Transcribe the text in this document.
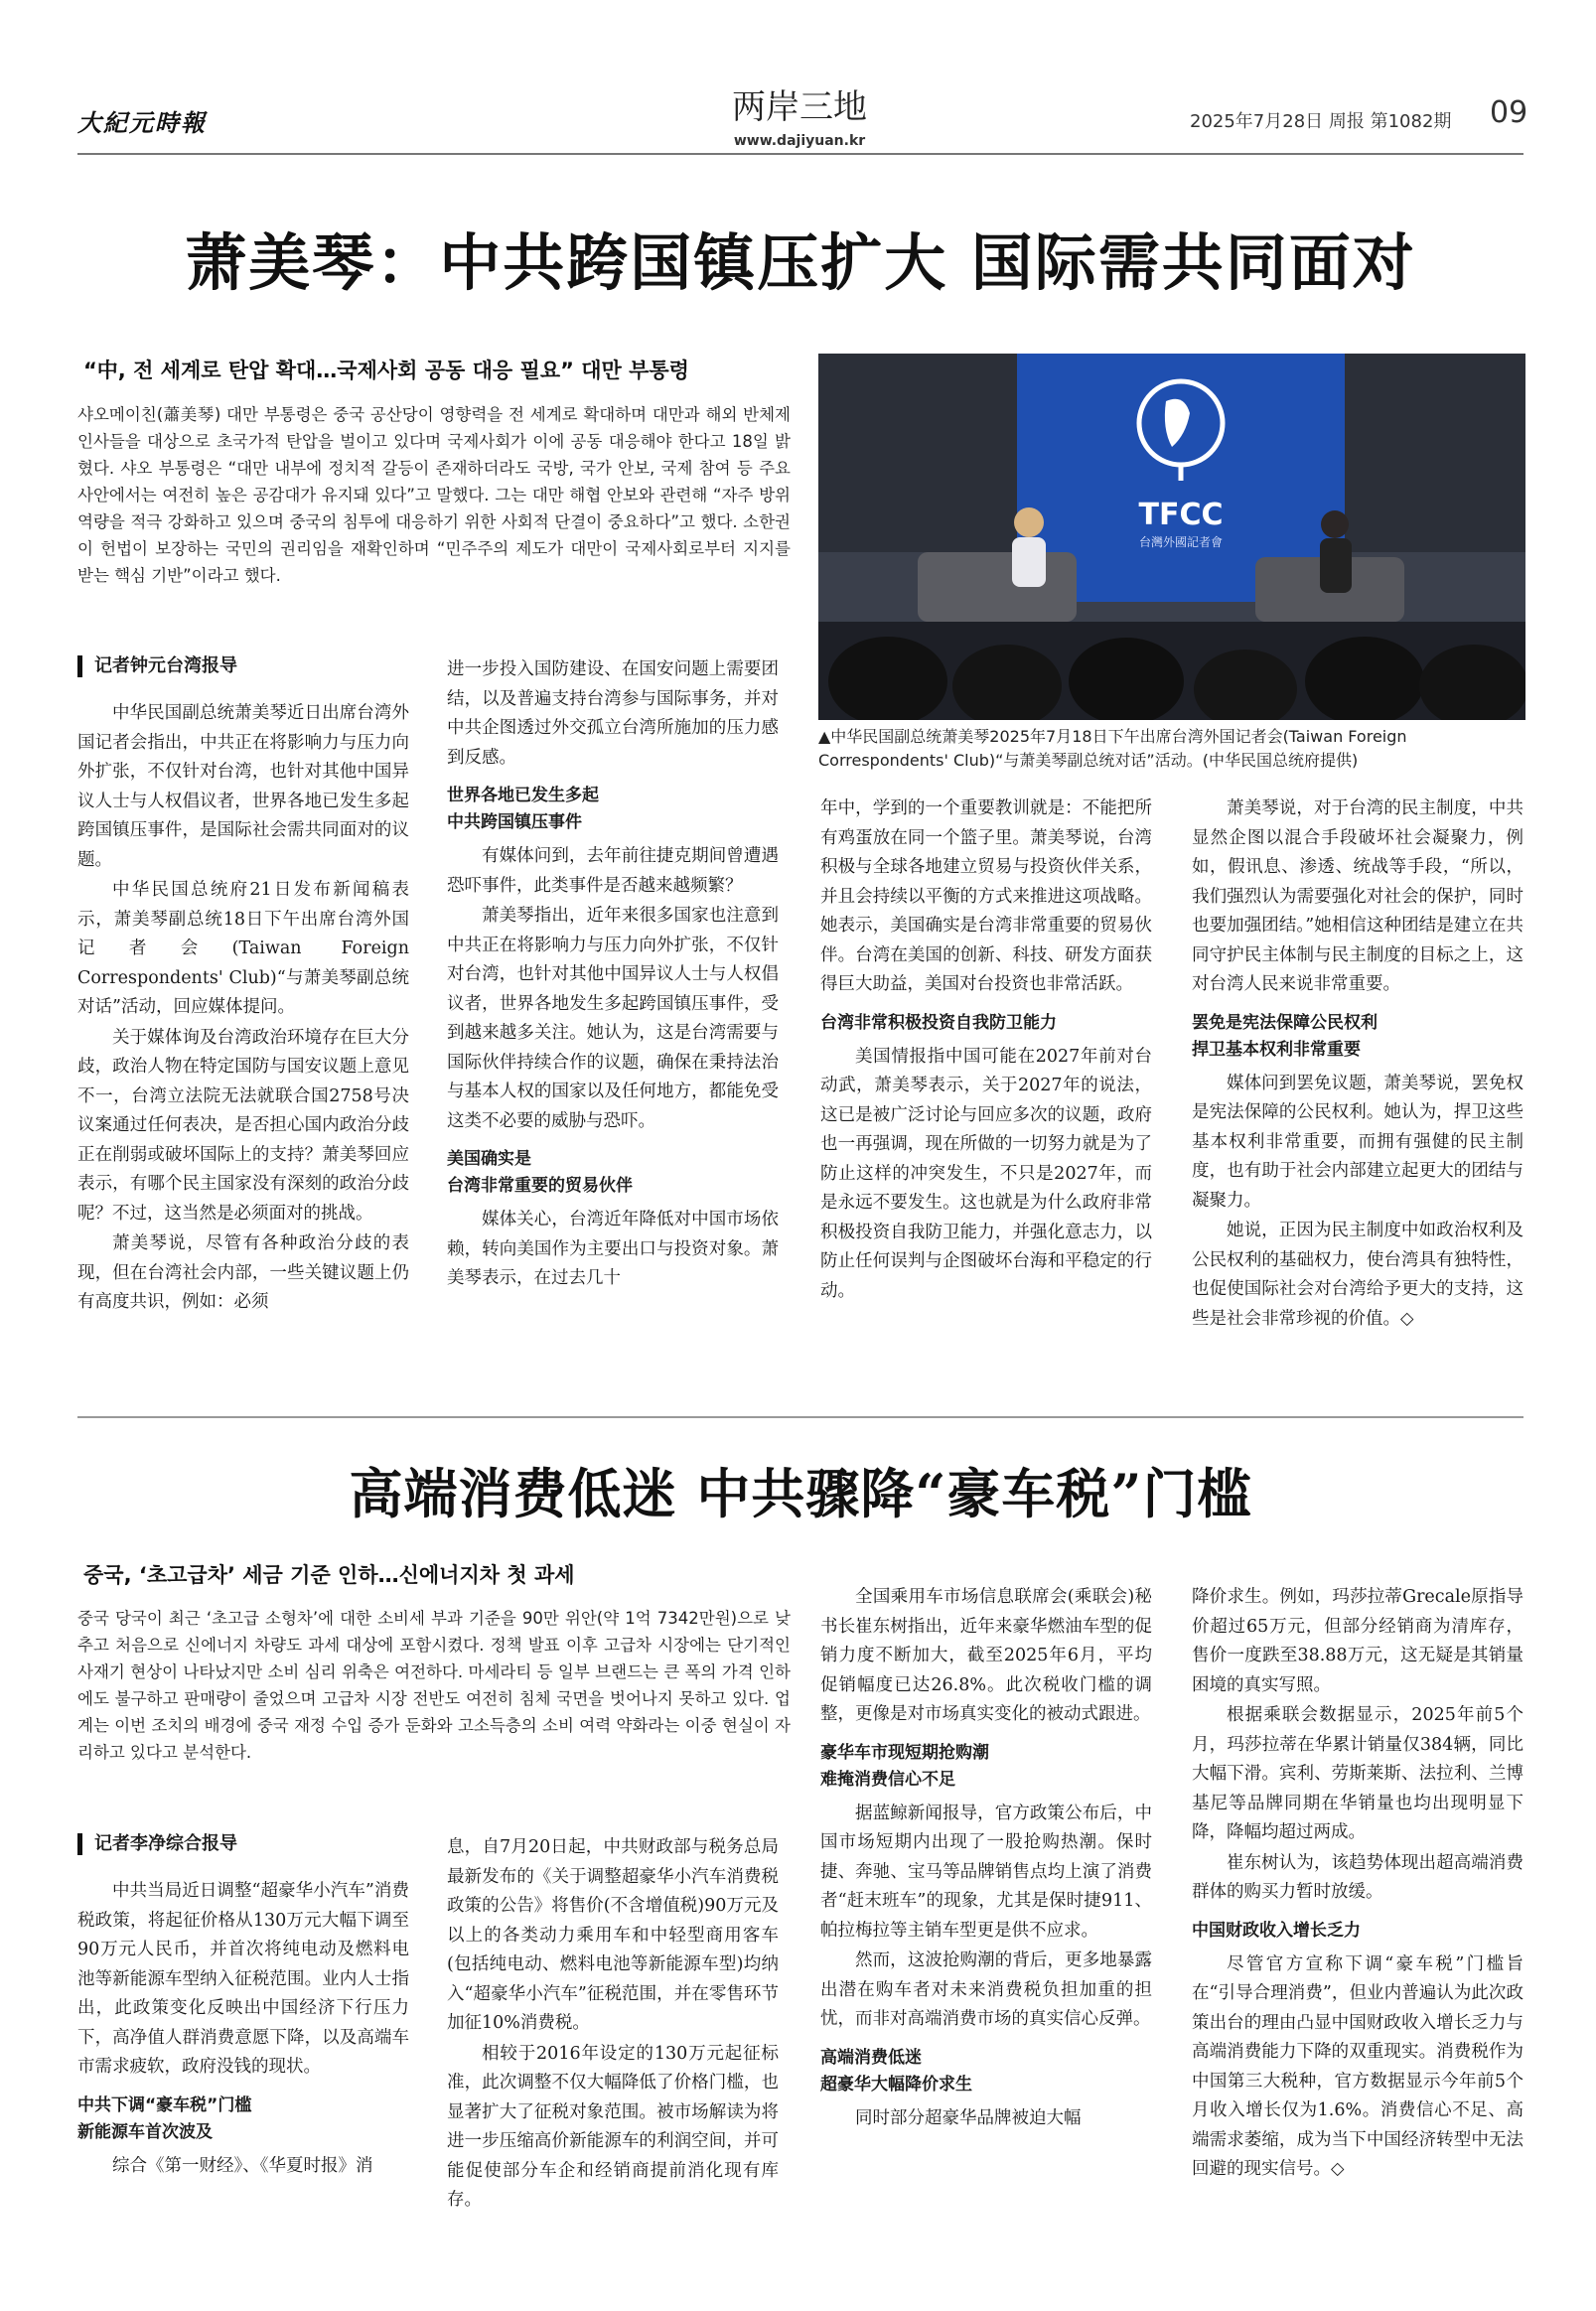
大紀元時報	两岸三地
www.dajiyuan.kr
2025年7月28日 周报 第1082期 09
萧美琴：中共跨国镇压扩大 国际需共同面对
“中, 전 세계로 탄압 확대…국제사회 공동 대응 필요” 대만 부통령
샤오메이친(蕭美琴) 대만 부통령은 중국 공산당이 영향력을 전 세계로 확대하며 대만과 해외 반체제 인사들을 대상으로 초국가적 탄압을 벌이고 있다며 국제사회가 이에 공동 대응해야 한다고 18일 밝혔다. 샤오 부통령은 “대만 내부에 정치적 갈등이 존재하더라도 국방, 국가 안보, 국제 참여 등 주요 사안에서는 여전히 높은 공감대가 유지돼 있다”고 말했다. 그는 대만 해협 안보와 관련해 “자주 방위 역량을 적극 강화하고 있으며 중국의 침투에 대응하기 위한 사회적 단결이 중요하다”고 했다. 소한권이 헌법이 보장하는 국민의 권리임을 재확인하며 “민주주의 제도가 대만이 국제사회로부터 지지를 받는 핵심 기반”이라고 했다.
TFCC
台灣外國記者會
▲中华民国副总统萧美琴2025年7月18日下午出席台湾外国记者会(Taiwan Foreign Correspondents' Club)“与萧美琴副总统对话”活动。(中华民国总统府提供)

记者钟元台湾报导

中华民国副总统萧美琴近日出席台湾外国记者会指出，中共正在将影响力与压力向外扩张，不仅针对台湾，也针对其他中国异议人士与人权倡议者，世界各地已发生多起跨国镇压事件，是国际社会需共同面对的议题。

中华民国总统府21日发布新闻稿表示，萧美琴副总统18日下午出席台湾外国记者会(Taiwan Foreign Correspondents' Club)“与萧美琴副总统对话”活动，回应媒体提问。

关于媒体询及台湾政治环境存在巨大分歧，政治人物在特定国防与国安议题上意见不一，台湾立法院无法就联合国2758号决议案通过任何表决，是否担心国内政治分歧正在削弱或破坏国际上的支持？萧美琴回应表示，有哪个民主国家没有深刻的政治分歧呢？不过，这当然是必须面对的挑战。

萧美琴说，尽管有各种政治分歧的表现，但在台湾社会内部，一些关键议题上仍有高度共识，例如：必须

进一步投入国防建设、在国安问题上需要团结，以及普遍支持台湾参与国际事务，并对中共企图透过外交孤立台湾所施加的压力感到反感。

世界各地已发生多起
中共跨国镇压事件

有媒体问到，去年前往捷克期间曾遭遇恐吓事件，此类事件是否越来越频繁？

萧美琴指出，近年来很多国家也注意到中共正在将影响力与压力向外扩张，不仅针对台湾，也针对其他中国异议人士与人权倡议者，世界各地发生多起跨国镇压事件，受到越来越多关注。她认为，这是台湾需要与国际伙伴持续合作的议题，确保在秉持法治与基本人权的国家以及任何地方，都能免受这类不必要的威胁与恐吓。

美国确实是
台湾非常重要的贸易伙伴

媒体关心，台湾近年降低对中国市场依赖，转向美国作为主要出口与投资对象。萧美琴表示，在过去几十

年中，学到的一个重要教训就是：不能把所有鸡蛋放在同一个篮子里。萧美琴说，台湾积极与全球各地建立贸易与投资伙伴关系，并且会持续以平衡的方式来推进这项战略。她表示，美国确实是台湾非常重要的贸易伙伴。台湾在美国的创新、科技、研发方面获得巨大助益，美国对台投资也非常活跃。

台湾非常积极投资自我防卫能力

美国情报指中国可能在2027年前对台动武，萧美琴表示，关于2027年的说法，这已是被广泛讨论与回应多次的议题，政府也一再强调，现在所做的一切努力就是为了防止这样的冲突发生，不只是2027年，而是永远不要发生。这也就是为什么政府非常积极投资自我防卫能力，并强化意志力，以防止任何误判与企图破坏台海和平稳定的行动。

萧美琴说，对于台湾的民主制度，中共显然企图以混合手段破坏社会凝聚力，例如，假讯息、渗透、统战等手段，“所以，我们强烈认为需要强化对社会的保护，同时也要加强团结。”她相信这种团结是建立在共同守护民主体制与民主制度的目标之上，这对台湾人民来说非常重要。

罢免是宪法保障公民权利
捍卫基本权利非常重要

媒体问到罢免议题，萧美琴说，罢免权是宪法保障的公民权利。她认为，捍卫这些基本权利非常重要，而拥有强健的民主制度，也有助于社会内部建立起更大的团结与凝聚力。

她说，正因为民主制度中如政治权利及公民权利的基础权力，使台湾具有独特性，也促使国际社会对台湾给予更大的支持，这些是社会非常珍视的价值。◇

高端消费低迷 中共骤降“豪车税”门槛
중국, ‘초고급차’ 세금 기준 인하…신에너지차 첫 과세
중국 당국이 최근 ‘초고급 소형차’에 대한 소비세 부과 기준을 90만 위안(약 1억 7342만원)으로 낮추고 처음으로 신에너지 차량도 과세 대상에 포함시켰다. 정책 발표 이후 고급차 시장에는 단기적인 사재기 현상이 나타났지만 소비 심리 위축은 여전하다. 마세라티 등 일부 브랜드는 큰 폭의 가격 인하에도 불구하고 판매량이 줄었으며 고급차 시장 전반도 여전히 침체 국면을 벗어나지 못하고 있다. 업계는 이번 조치의 배경에 중국 재정 수입 증가 둔화와 고소득층의 소비 여력 약화라는 이중 현실이 자리하고 있다고 분석한다.

记者李净综合报导

中共当局近日调整“超豪华小汽车”消费税政策，将起征价格从130万元大幅下调至90万元人民币，并首次将纯电动及燃料电池等新能源车型纳入征税范围。业内人士指出，此政策变化反映出中国经济下行压力下，高净值人群消费意愿下降，以及高端车市需求疲软，政府没钱的现状。

中共下调“豪车税”门槛
新能源车首次波及

综合《第一财经》、《华夏时报》消

息，自7月20日起，中共财政部与税务总局最新发布的《关于调整超豪华小汽车消费税政策的公告》将售价(不含增值税)90万元及以上的各类动力乘用车和中轻型商用客车(包括纯电动、燃料电池等新能源车型)均纳入“超豪华小汽车”征税范围，并在零售环节加征10%消费税。

相较于2016年设定的130万元起征标准，此次调整不仅大幅降低了价格门槛，也显著扩大了征税对象范围。被市场解读为将进一步压缩高价新能源车的利润空间，并可能促使部分车企和经销商提前消化现有库存。

全国乘用车市场信息联席会(乘联会)秘书长崔东树指出，近年来豪华燃油车型的促销力度不断加大，截至2025年6月，平均促销幅度已达26.8%。此次税收门槛的调整，更像是对市场真实变化的被动式跟进。

豪华车市现短期抢购潮
难掩消费信心不足

据蓝鲸新闻报导，官方政策公布后，中国市场短期内出现了一股抢购热潮。保时捷、奔驰、宝马等品牌销售点均上演了消费者“赶末班车”的现象，尤其是保时捷911、帕拉梅拉等主销车型更是供不应求。

然而，这波抢购潮的背后，更多地暴露出潜在购车者对未来消费税负担加重的担忧，而非对高端消费市场的真实信心反弹。

高端消费低迷
超豪华大幅降价求生

同时部分超豪华品牌被迫大幅

降价求生。例如，玛莎拉蒂Grecale原指导价超过65万元，但部分经销商为清库存，售价一度跌至38.88万元，这无疑是其销量困境的真实写照。

根据乘联会数据显示，2025年前5个月，玛莎拉蒂在华累计销量仅384辆，同比大幅下滑。宾利、劳斯莱斯、法拉利、兰博基尼等品牌同期在华销量也均出现明显下降，降幅均超过两成。

崔东树认为，该趋势体现出超高端消费群体的购买力暂时放缓。

中国财政收入增长乏力

尽管官方宣称下调“豪车税”门槛旨在“引导合理消费”，但业内普遍认为此次政策出台的理由凸显中国财政收入增长乏力与高端消费能力下降的双重现实。消费税作为中国第三大税种，官方数据显示今年前5个月收入增长仅为1.6%。消费信心不足、高端需求萎缩，成为当下中国经济转型中无法回避的现实信号。◇
